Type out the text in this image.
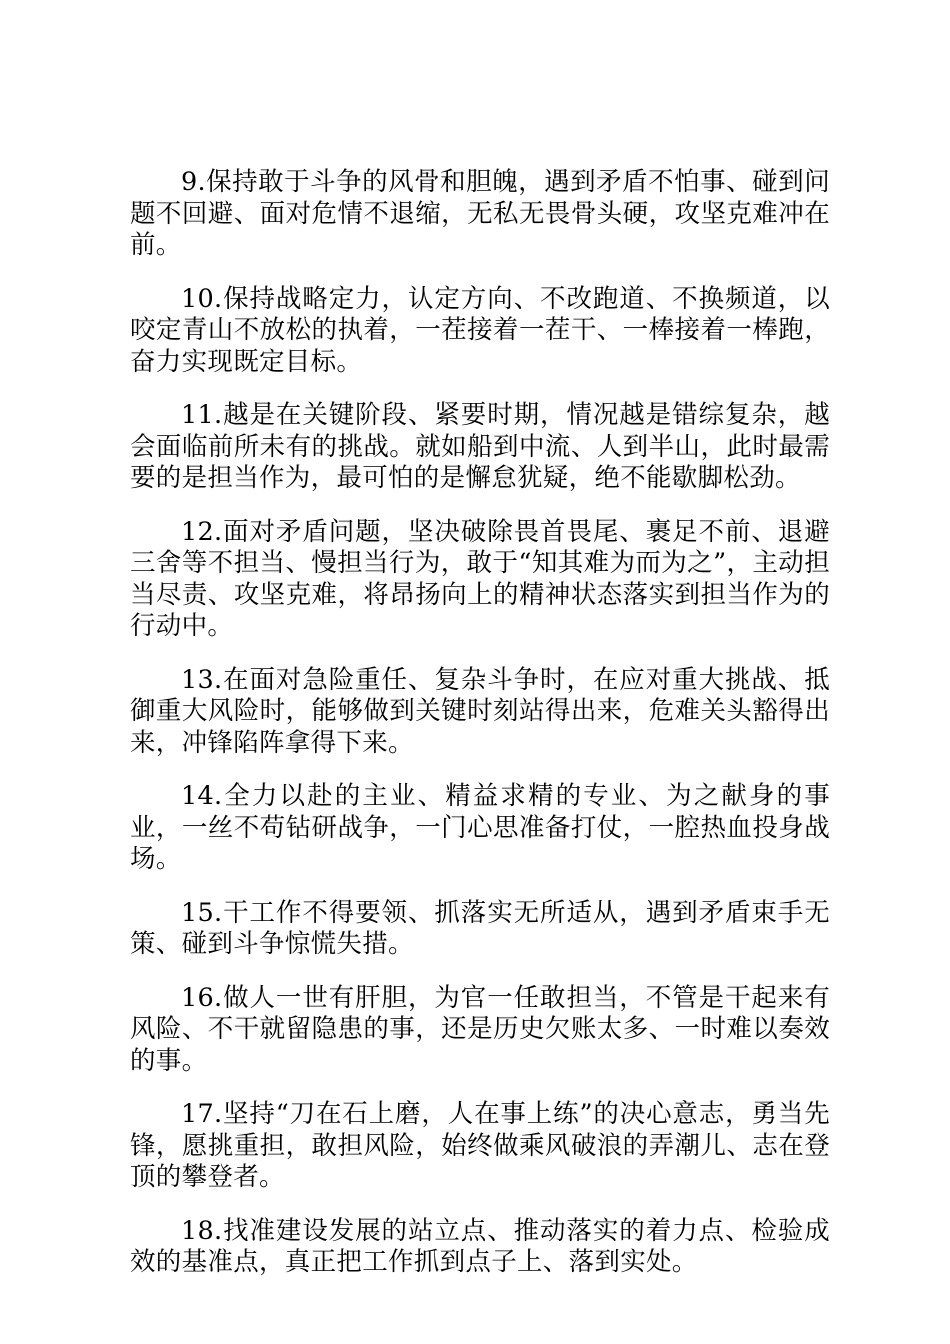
9.保持敢于斗争的风骨和胆魄，遇到矛盾不怕事、碰到问题不回避、面对危情不退缩，无私无畏骨头硬，攻坚克难冲在前。

10.保持战略定力，认定方向、不改跑道、不换频道，以咬定青山不放松的执着，一茬接着一茬干、一棒接着一棒跑，奋力实现既定目标。

11.越是在关键阶段、紧要时期，情况越是错综复杂，越会面临前所未有的挑战。就如船到中流、人到半山，此时最需要的是担当作为，最可怕的是懈怠犹疑，绝不能歇脚松劲。

12.面对矛盾问题，坚决破除畏首畏尾、裹足不前、退避三舍等不担当、慢担当行为，敢于“知其难为而为之”，主动担当尽责、攻坚克难，将昂扬向上的精神状态落实到担当作为的行动中。

13.在面对急险重任、复杂斗争时，在应对重大挑战、抵御重大风险时，能够做到关键时刻站得出来，危难关头豁得出来，冲锋陷阵拿得下来。

14.全力以赴的主业、精益求精的专业、为之献身的事业，一丝不苟钻研战争，一门心思准备打仗，一腔热血投身战场。

15.干工作不得要领、抓落实无所适从，遇到矛盾束手无策、碰到斗争惊慌失措。

16.做人一世有肝胆，为官一任敢担当，不管是干起来有风险、不干就留隐患的事，还是历史欠账太多、一时难以奏效的事。

17.坚持“刀在石上磨，人在事上练”的决心意志，勇当先锋，愿挑重担，敢担风险，始终做乘风破浪的弄潮儿、志在登顶的攀登者。

18.找准建设发展的站立点、推动落实的着力点、检验成效的基准点，真正把工作抓到点子上、落到实处。
